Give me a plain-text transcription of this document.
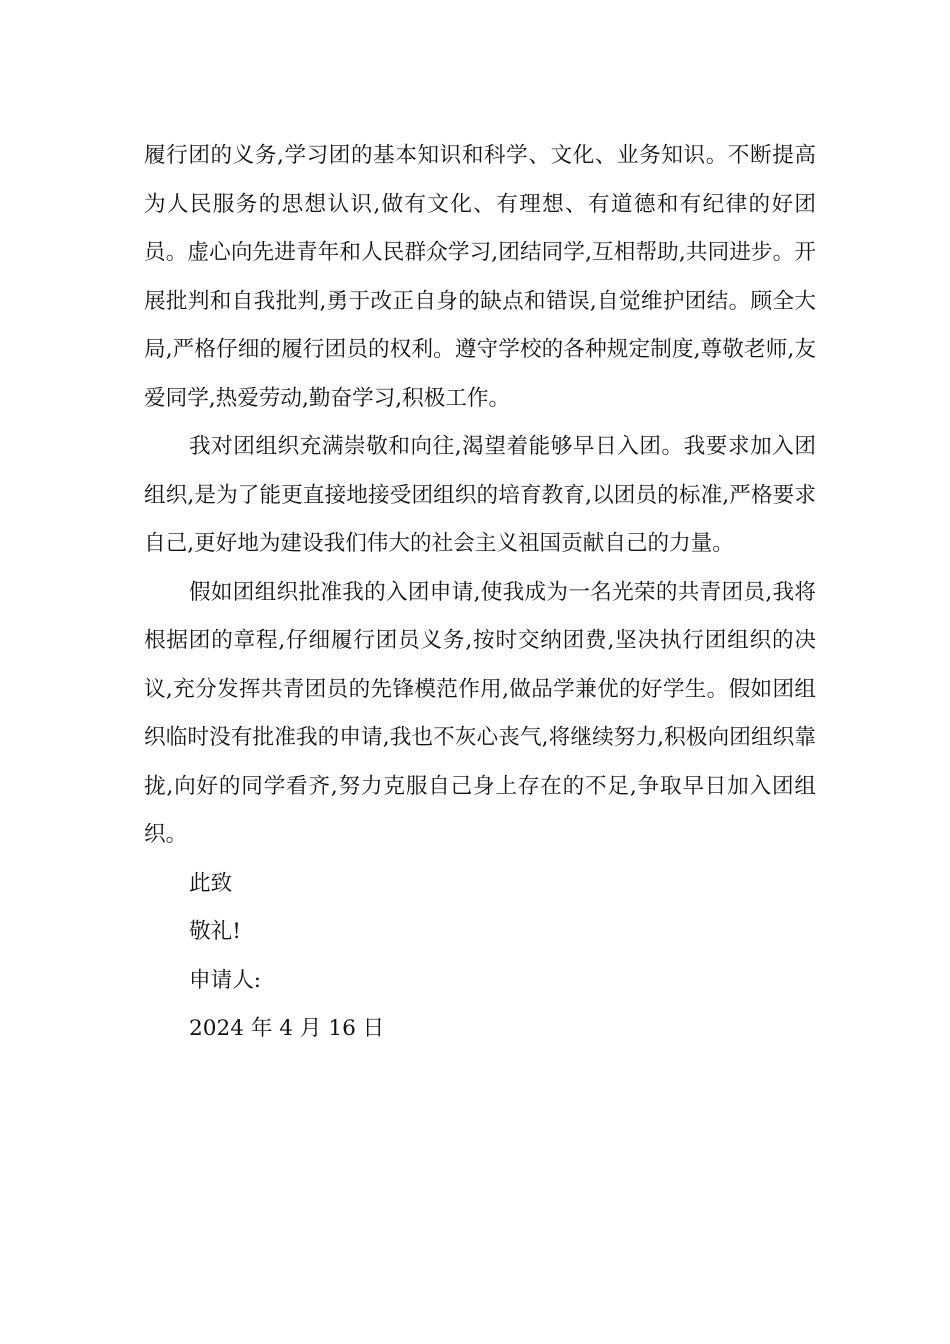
履行团的义务,学习团的基本知识和科学、文化、业务知识。不断提高为人民服务的思想认识,做有文化、有理想、有道德和有纪律的好团员。虚心向先进青年和人民群众学习,团结同学,互相帮助,共同进步。开展批判和自我批判,勇于改正自身的缺点和错误,自觉维护团结。顾全大局,严格仔细的履行团员的权利。遵守学校的各种规定制度,尊敬老师,友爱同学,热爱劳动,勤奋学习,积极工作。

我对团组织充满崇敬和向往,渴望着能够早日入团。我要求加入团组织,是为了能更直接地接受团组织的培育教育,以团员的标准,严格要求自己,更好地为建设我们伟大的社会主义祖国贡献自己的力量。

假如团组织批准我的入团申请,使我成为一名光荣的共青团员,我将根据团的章程,仔细履行团员义务,按时交纳团费,坚决执行团组织的决议,充分发挥共青团员的先锋模范作用,做品学兼优的好学生。假如团组织临时没有批准我的申请,我也不灰心丧气,将继续努力,积极向团组织靠拢,向好的同学看齐,努力克服自己身上存在的不足,争取早日加入团组织。

此致

敬礼!

申请人:

2024 年 4 月 16 日
